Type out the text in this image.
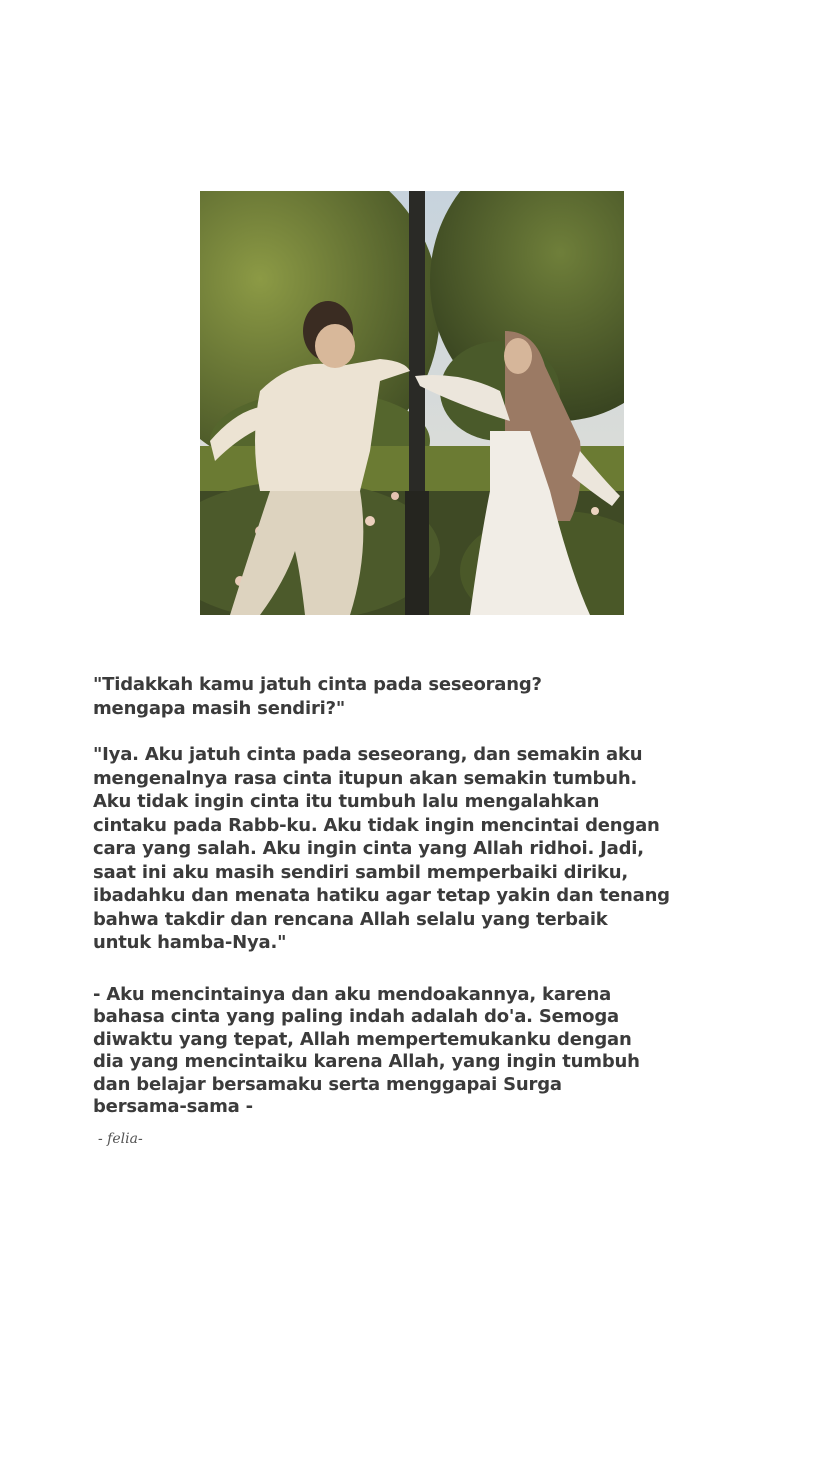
"Tidakkah kamu jatuh cinta pada seseorang?
mengapa masih sendiri?"
"Iya. Aku jatuh cinta pada seseorang, dan semakin aku
mengenalnya rasa cinta itupun akan semakin tumbuh.
Aku tidak ingin cinta itu tumbuh lalu mengalahkan
cintaku pada Rabb-ku. Aku tidak ingin mencintai dengan
cara yang salah. Aku ingin cinta yang Allah ridhoi. Jadi,
saat ini aku masih sendiri sambil memperbaiki diriku,
ibadahku dan menata hatiku agar tetap yakin dan tenang
bahwa takdir dan rencana Allah selalu yang terbaik
untuk hamba-Nya."
- Aku mencintainya dan aku mendoakannya, karena
bahasa cinta yang paling indah adalah do'a. Semoga
diwaktu yang tepat, Allah mempertemukanku dengan
dia yang mencintaiku karena Allah, yang ingin tumbuh
dan belajar bersamaku serta menggapai Surga
bersama-sama -
- felia-
